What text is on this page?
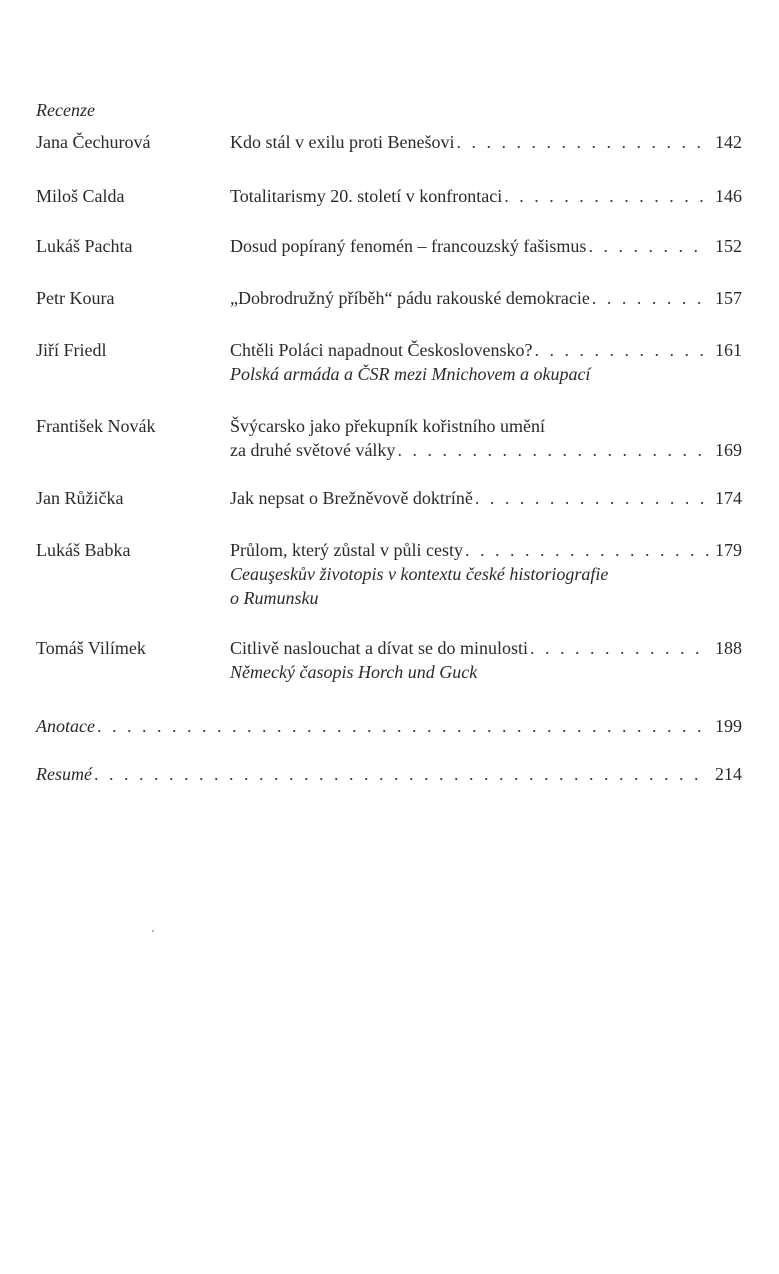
Recenze
Jana Čechurová	Kdo stál v exilu proti Benešovi . . .	142
Miloš Calda	Totalitarismy 20. století v konfrontaci . . .	146
Lukáš Pachta	Dosud popíraný fenomén – francouzský fašismus . . .	152
Petr Koura	„Dobrodružný příběh“ pádu rakouské demokracie . . .	157
Jiří Friedl	Chtěli Poláci napadnout Československo? . . .	161
Polská armáda a ČSR mezi Mnichovem a okupací
František Novák	Švýcarsko jako překupník kořistního umění
za druhé světové války . . .	169
Jan Růžička	Jak nepsat o Brežněvově doktríně . . .	174
Lukáš Babka	Průlom, který zůstal v půli cesty . . .	179
Ceauşeskův životopis v kontextu české historiografie
o Rumunsku
Tomáš Vilímek	Citlivě naslouchat a dívat se do minulosti . . .	188
Německý časopis Horch und Guck
Anotace . . .	199
Resumé . . .	214
